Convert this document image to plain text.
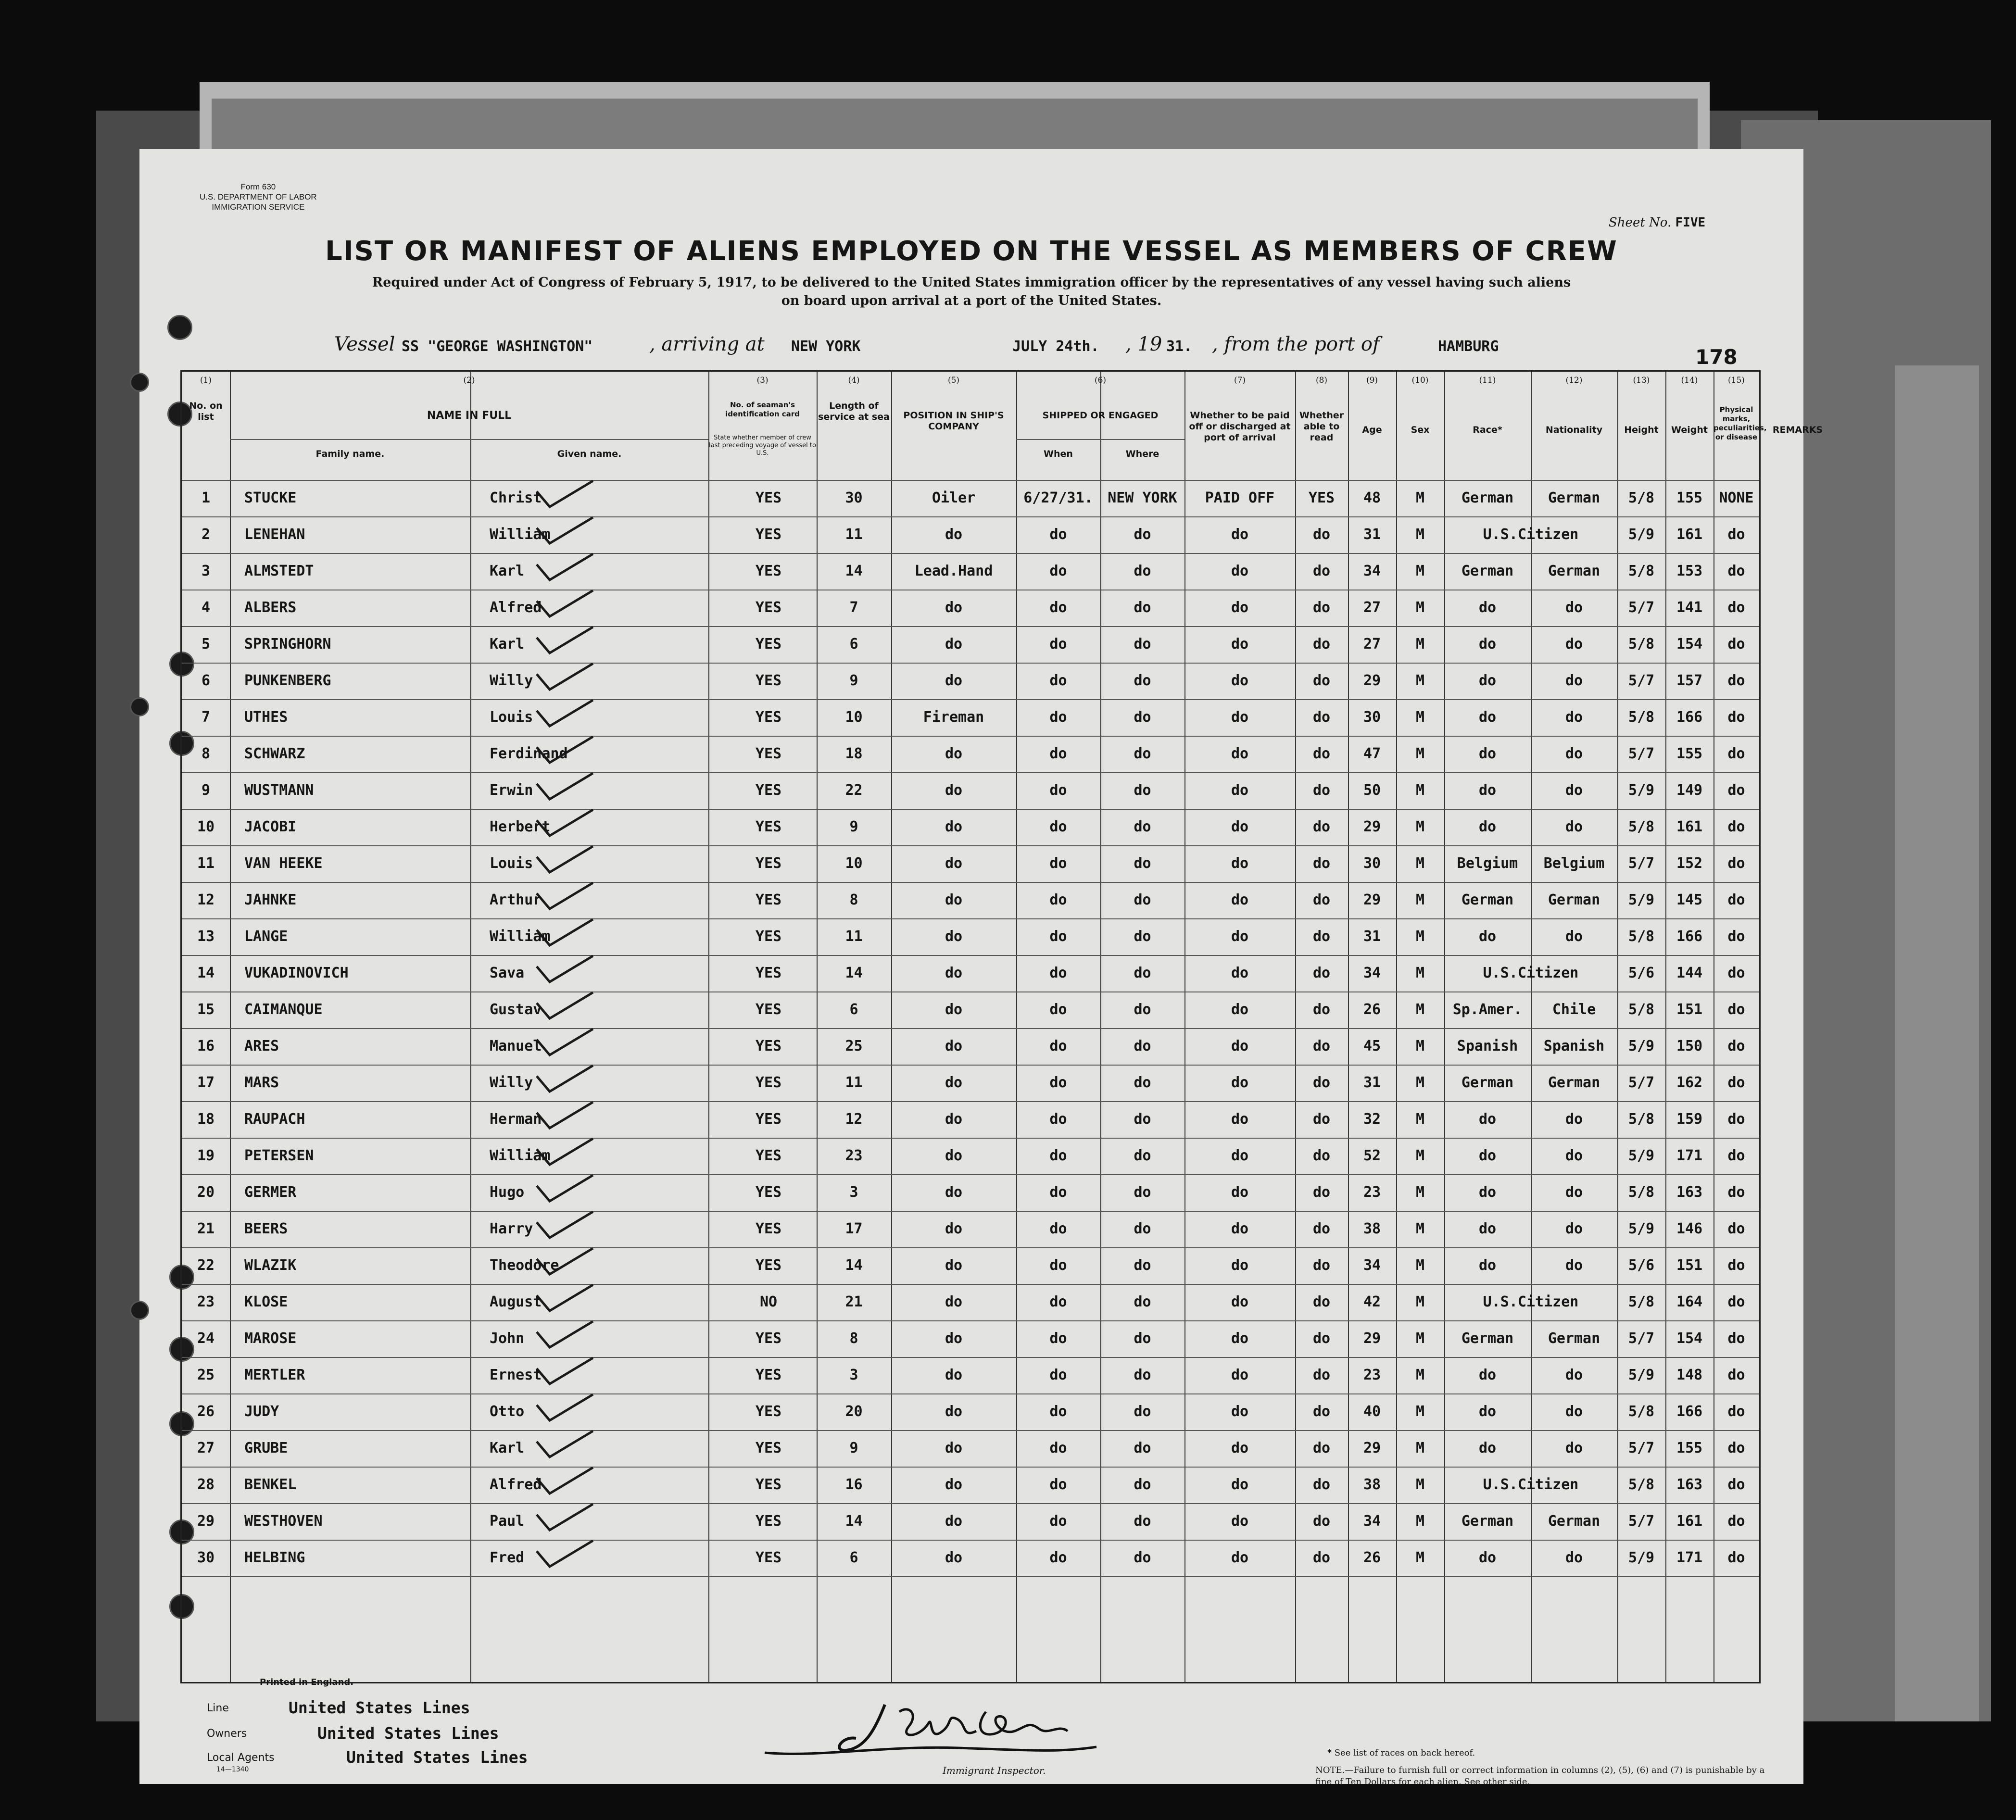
Form 630
U.S. DEPARTMENT OF LABOR
IMMIGRATION SERVICE
Sheet No. FIVE
LIST OR MANIFEST OF ALIENS EMPLOYED ON THE VESSEL AS MEMBERS OF CREW
Required under Act of Congress of February 5, 1917, to be delivered to the United States immigration officer by the representatives of any vessel having such aliens
on board upon arrival at a port of the United States.
Vessel SS "GEORGE WASHINGTON"	, arriving at NEW YORK	JULY 24th. , 19 31. , from the port of	HAMBURG	178
(1)	(2)	(3)	(4)	(5)	(6)	(7)	(8)	(9)	(10)	(11)	(12)	(13)	(14)	(15)
No. on list	NAME IN FULL
Family name.	Given name.
No. of seaman's identification card
State whether member of crew last preceding voyage of vessel to U.S.
Length of service at sea	POSITION IN SHIP'S COMPANY
SHIPPED OR ENGAGED
When	Where
Whether to be paid off or discharged at port of arrival
Whether able to read
Age	Sex	Race*	Nationality	Height	Weight
Physical marks, peculiarities, or disease
REMARKS
1	STUCKE	Christ	YES	30	Oiler	6/27/31.	NEW YORK	PAID OFF	YES	48	M	German	German	5/8	155	NONE
2	LENEHAN	William	YES	11	do	do	do	do	do	31	M	U.S.Citizen	5/9	161	do
3	ALMSTEDT	Karl	YES	14	Lead.Hand	do	do	do	do	34	M	German	German	5/8	153	do
4	ALBERS	Alfred	YES	7	do	do	do	do	do	27	M	do	do	5/7	141	do
5	SPRINGHORN	Karl	YES	6	do	do	do	do	do	27	M	do	do	5/8	154	do
6	PUNKENBERG	Willy	YES	9	do	do	do	do	do	29	M	do	do	5/7	157	do
7	UTHES	Louis	YES	10	Fireman	do	do	do	do	30	M	do	do	5/8	166	do
8	SCHWARZ	Ferdinand	YES	18	do	do	do	do	do	47	M	do	do	5/7	155	do
9	WUSTMANN	Erwin	YES	22	do	do	do	do	do	50	M	do	do	5/9	149	do
10	JACOBI	Herbert	YES	9	do	do	do	do	do	29	M	do	do	5/8	161	do
11	VAN HEEKE	Louis	YES	10	do	do	do	do	do	30	M	Belgium	Belgium	5/7	152	do
12	JAHNKE	Arthur	YES	8	do	do	do	do	do	29	M	German	German	5/9	145	do
13	LANGE	William	YES	11	do	do	do	do	do	31	M	do	do	5/8	166	do
14	VUKADINOVICH	Sava	YES	14	do	do	do	do	do	34	M	U.S.Citizen	5/6	144	do
15	CAIMANQUE	Gustav	YES	6	do	do	do	do	do	26	M	Sp.Amer.	Chile	5/8	151	do
16	ARES	Manuel	YES	25	do	do	do	do	do	45	M	Spanish	Spanish	5/9	150	do
17	MARS	Willy	YES	11	do	do	do	do	do	31	M	German	German	5/7	162	do
18	RAUPACH	Herman	YES	12	do	do	do	do	do	32	M	do	do	5/8	159	do
19	PETERSEN	William	YES	23	do	do	do	do	do	52	M	do	do	5/9	171	do
20	GERMER	Hugo	YES	3	do	do	do	do	do	23	M	do	do	5/8	163	do
21	BEERS	Harry	YES	17	do	do	do	do	do	38	M	do	do	5/9	146	do
22	WLAZIK	Theodore	YES	14	do	do	do	do	do	34	M	do	do	5/6	151	do
23	KLOSE	August	NO	21	do	do	do	do	do	42	M	U.S.Citizen	5/8	164	do
24	MAROSE	John	YES	8	do	do	do	do	do	29	M	German	German	5/7	154	do
25	MERTLER	Ernest	YES	3	do	do	do	do	do	23	M	do	do	5/9	148	do
26	JUDY	Otto	YES	20	do	do	do	do	do	40	M	do	do	5/8	166	do
27	GRUBE	Karl	YES	9	do	do	do	do	do	29	M	do	do	5/7	155	do
28	BENKEL	Alfred	YES	16	do	do	do	do	do	38	M	U.S.Citizen	5/8	163	do
29	WESTHOVEN	Paul	YES	14	do	do	do	do	do	34	M	German	German	5/7	161	do
30	HELBING	Fred	YES	6	do	do	do	do	do	26	M	do	do	5/9	171	do
Printed in England.
Line	United States Lines
Owners	United States Lines
Local Agents
14—1340
United States Lines
Immigrant Inspector.
* See list of races on back hereof.
NOTE.—Failure to furnish full or correct information in columns (2), (5), (6) and (7) is punishable by a fine of Ten Dollars for each alien. See other side.
